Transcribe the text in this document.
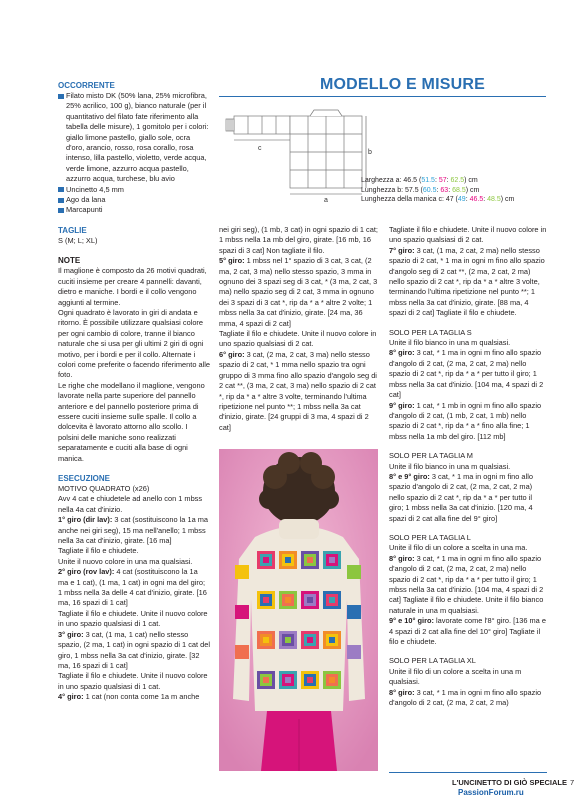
OCCORRENTE
Filato misto DK (50% lana, 25% microfibra, 25% acrilico, 100 g), bianco naturale (per il quantitativo del filato fate riferimento alla tabella delle misure), 1 gomitolo per i colori: giallo limone pastello, giallo sole, ocra d'oro, arancio, rosso, rosa corallo, rosa intenso, lilla pastello, violetto, verde acqua, verde limone, azzurro acqua pastello, azzurro acqua, turchese, blu avio
Uncinetto 4,5 mm
Ago da lana
Marcapunti
TAGLIE

S (M; L; XL)

NOTE

Il maglione è composto da 26 motivi quadrati, cuciti insieme per creare 4 pannelli: davanti, dietro e maniche. I bordi e il collo vengono aggiunti al termine.

Ogni quadrato è lavorato in giri di andata e ritorno. È possibile utilizzare qualsiasi colore per ogni cambio di colore, tranne il bianco naturale che si usa per gli ultimi 2 giri di ogni motivo, per i bordi e per il collo. Alternate i colori come preferite o facendo riferimento alle foto.

Le righe che modellano il maglione, vengono lavorate nella parte superiore del pannello anteriore e del pannello posteriore prima di essere cuciti insieme sulle spalle. Il collo a dolcevita è lavorato attorno allo scollo. I polsini delle maniche sono realizzati separatamente e cuciti alla base di ogni manica.

ESECUZIONE

MOTIVO QUADRATO (x26)

Avv 4 cat e chiudetele ad anello con 1 mbss nella 4a cat d'inizio.

1° giro (dir lav): 3 cat (sostituiscono la 1a ma anche nei giri seg), 15 ma nell'anello; 1 mbss nella 3a cat d'inizio, girate. [16 ma]

Tagliate il filo e chiudete.

Unite il nuovo colore in una ma qualsiasi.

2° giro (rov lav): 4 cat (sostituiscono la 1a ma e 1 cat), (1 ma, 1 cat) in ogni ma del giro; 1 mbss nella 3a delle 4 cat d'inizio, girate. [16 ma, 16 spazi di 1 cat]

Tagliate il filo e chiudete. Unite il nuovo colore in uno spazio qualsiasi di 1 cat.

3° giro: 3 cat, (1 ma, 1 cat) nello stesso spazio, (2 ma, 1 cat) in ogni spazio di 1 cat del giro, 1 mbss nella 3a cat d'inizio, girate. [32 ma, 16 spazi di 1 cat]

Tagliate il filo e chiudete. Unite il nuovo colore in uno spazio qualsiasi di 1 cat.

4° giro: 1 cat (non conta come 1a m anche

MODELLO E MISURE
a
b
c
Larghezza a: 46.5 (51.5: 57: 62.5) cm
Lunghezza b: 57.5 (60.5: 63: 68.5) cm
Lunghezza della manica c: 47 (49: 46.5: 48.5) cm

nei giri seg), (1 mb, 3 cat) in ogni spazio di 1 cat; 1 mbss nella 1a mb del giro, girate. [16 mb, 16 spazi di 3 cat] Non tagliate il filo.

5° giro: 1 mbss nel 1° spazio di 3 cat, 3 cat, (2 ma, 2 cat, 3 ma) nello stesso spazio, 3 mma in ognuno dei 3 spazi seg di 3 cat, * (3 ma, 2 cat, 3 ma) nello spazio seg di 2 cat, 3 mma in ognuno dei 3 spazi di 3 cat *, rip da * a * altre 2 volte; 1 mbss nella 3a cat d'inizio, girate. [24 ma, 36 mma, 4 spazi di 2 cat]

Tagliate il filo e chiudete. Unite il nuovo colore in uno spazio qualsiasi di 2 cat.

6° giro: 3 cat, (2 ma, 2 cat, 3 ma) nello stesso spazio di 2 cat, * 1 mma nello spazio tra ogni gruppo di 3 mma fino allo spazio d'angolo seg di 2 cat **, (3 ma, 2 cat, 3 ma) nello spazio di 2 cat *, rip da * a * altre 3 volte, terminando l'ultima ripetizione nel punto **; 1 mbss nella 3a cat d'inizio, girate. [24 gruppi di 3 ma, 4 spazi di 2 cat]

Tagliate il filo e chiudete. Unite il nuovo colore in uno spazio qualsiasi di 2 cat.

7° giro: 3 cat, (1 ma, 2 cat, 2 ma) nello stesso spazio di 2 cat, * 1 ma in ogni m fino allo spazio d'angolo seg di 2 cat **, (2 ma, 2 cat, 2 ma) nello spazio di 2 cat *, rip da * a * altre 3 volte, terminando l'ultima ripetizione nel punto **; 1 mbss nella 3a cat d'inizio, girate. [88 ma, 4 spazi di 2 cat] Tagliate il filo e chiudete.

SOLO PER LA TAGLIA S

Unite il filo bianco in una m qualsiasi.

8° giro: 3 cat, * 1 ma in ogni m fino allo spazio d'angolo di 2 cat, (2 ma, 2 cat, 2 ma) nello spazio di 2 cat *, rip da * a * per tutto il giro; 1 mbss nella 3a cat d'inizio. [104 ma, 4 spazi di 2 cat]

9° giro: 1 cat, * 1 mb in ogni m fino allo spazio d'angolo di 2 cat, (1 mb, 2 cat, 1 mb) nello spazio di 2 cat *, rip da * a * fino alla fine; 1 mbss nella 1a mb del giro. [112 mb]

SOLO PER LA TAGLIA M

Unite il filo bianco in una m qualsiasi.

8° e 9° giro: 3 cat, * 1 ma in ogni m fino allo spazio d'angolo di 2 cat, (2 ma, 2 cat, 2 ma) nello spazio di 2 cat *, rip da * a * per tutto il giro; 1 mbss nella 3a cat d'inizio. [120 ma, 4 spazi di 2 cat alla fine del 9° giro]

SOLO PER LA TAGLIA L

Unite il filo di un colore a scelta in una ma.

8° giro: 3 cat, * 1 ma in ogni m fino allo spazio d'angolo di 2 cat, (2 ma, 2 cat, 2 ma) nello spazio di 2 cat *, rip da * a * per tutto il giro; 1 mbss nella 3a cat d'inizio. [104 ma, 4 spazi di 2 cat] Tagliate il filo e chiudete. Unite il filo bianco naturale in una m qualsiasi.

9° e 10° giro: lavorate come l'8° giro. [136 ma e 4 spazi di 2 cat alla fine del 10° giro] Tagliate il filo e chiudete.

SOLO PER LA TAGLIA XL

Unite il filo di un colore a scelta in una m qualsiasi.

8° giro: 3 cat, * 1 ma in ogni m fino allo spazio d'angolo di 2 cat, (2 ma, 2 cat, 2 ma)

L'UNCINETTO DI GIÒ SPECIALE 7
PassionForum.ru
